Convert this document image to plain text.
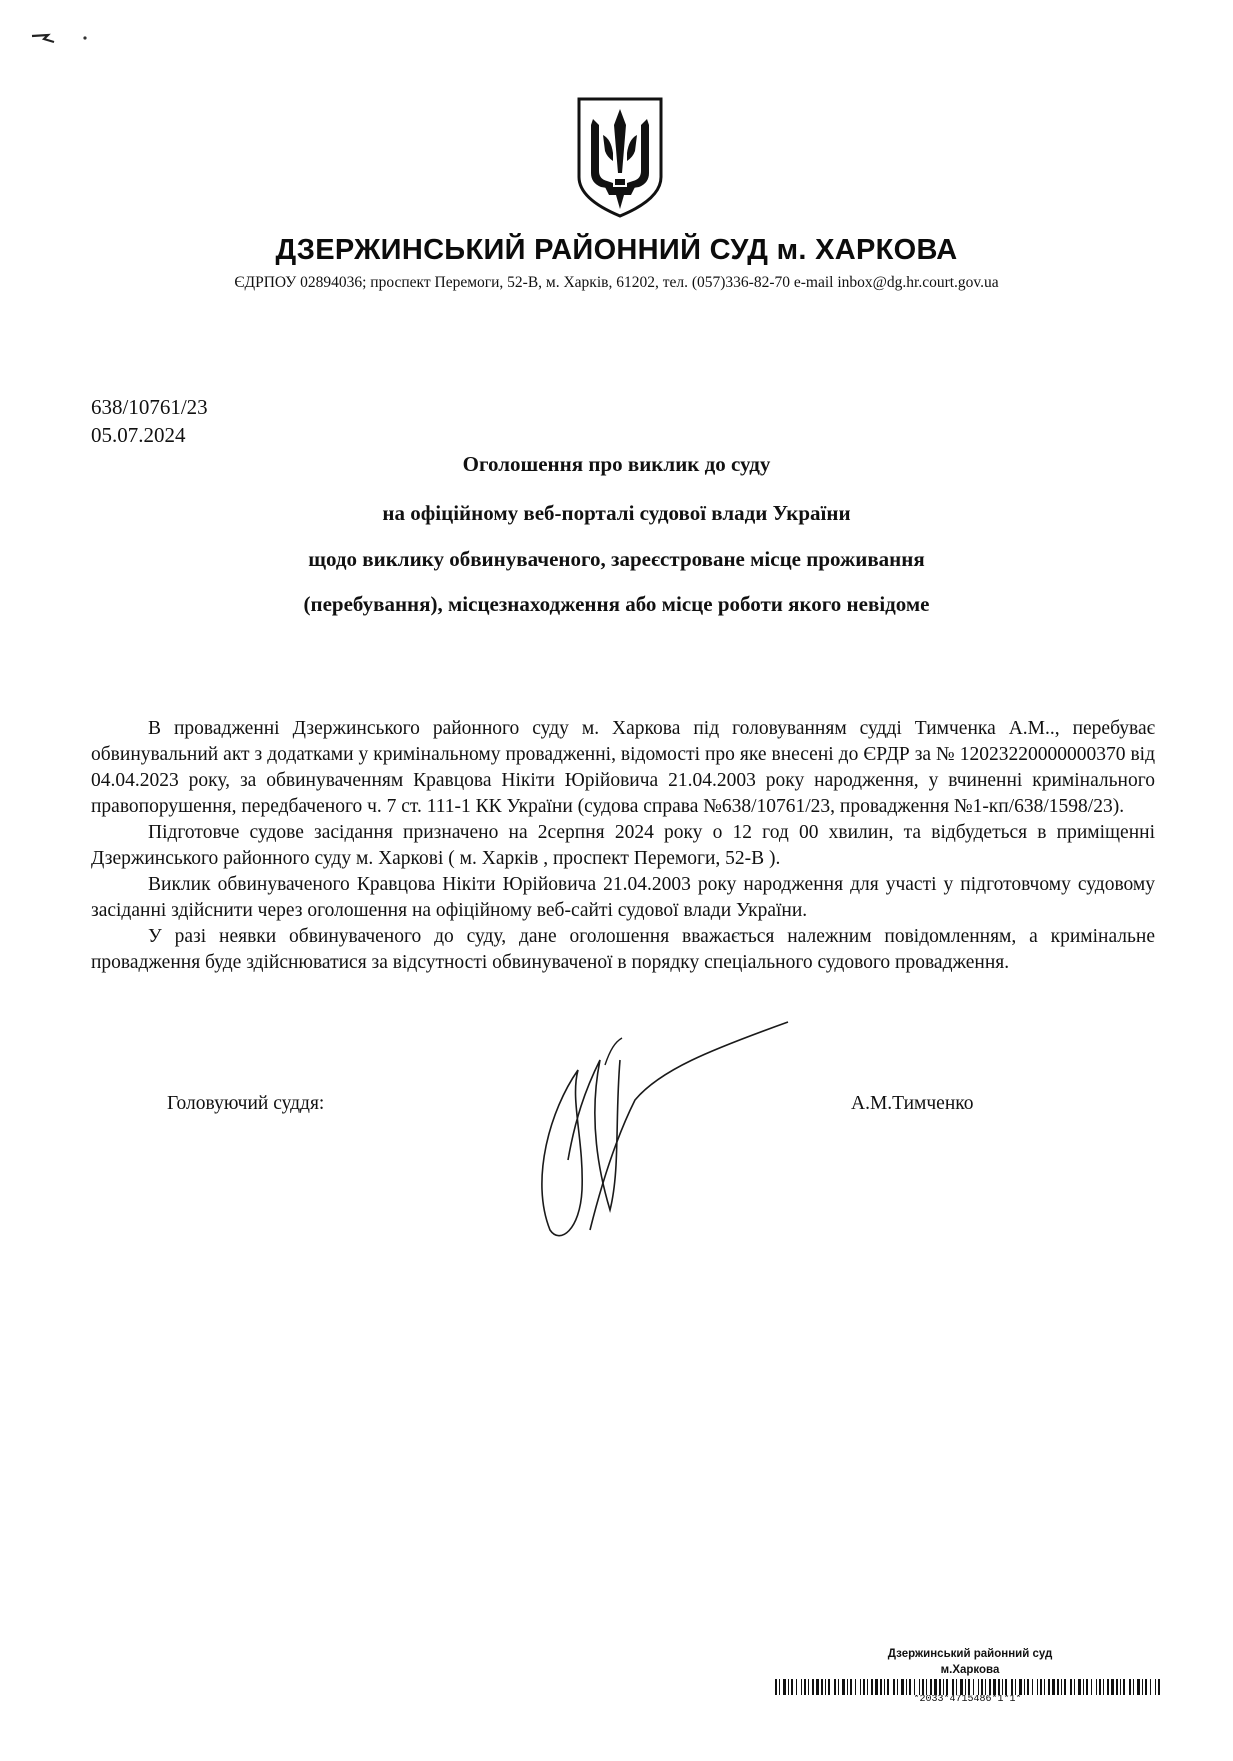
ДЗЕРЖИНСЬКИЙ РАЙОННИЙ СУД м. ХАРКОВА
ЄДРПОУ 02894036; проспект Перемоги, 52-В, м. Харків, 61202, тел. (057)336-82-70 e-mail inbox@dg.hr.court.gov.ua
638/10761/23
05.07.2024
Оголошення про виклик до суду
на офіційному веб-порталі судової влади України
щодо виклику обвинуваченого, зареєстроване місце проживання
(перебування), місцезнаходження або місце роботи якого невідоме

В провадженні Дзержинського районного суду м. Харкова під головуванням судді Тимченка А.М.., перебуває обвинувальний акт з додатками у кримінальному провадженні, відомості про яке внесені до ЄРДР за № 12023220000000370 від 04.04.2023 року, за обвинуваченням Кравцова Нікіти Юрійовича 21.04.2003 року народження, у вчиненні кримінального правопорушення, передбаченого ч. 7 ст. 111-1 КК України (судова справа №638/10761/23, провадження №1-кп/638/1598/23).

Підготовче судове засідання призначено на 2серпня 2024 року о 12 год 00 хвилин, та відбудеться в приміщенні Дзержинського районного суду м. Харкові ( м. Харків , проспект Перемоги, 52-В ).

Виклик обвинуваченого Кравцова Нікіти Юрійовича 21.04.2003 року народження для участі у підготовчому судовому засіданні здійснити через оголошення на офіційному веб-сайті судової влади України.

У разі неявки обвинуваченого до суду, дане оголошення вважається належним повідомленням, а кримінальне провадження буде здійснюватися за відсутності обвинуваченої в порядку спеціального судового провадження.

Головуючий суддя:	А.М.Тимченко
Дзержинський районний суд
м.Харкова
*2033*4715486*1*1*
